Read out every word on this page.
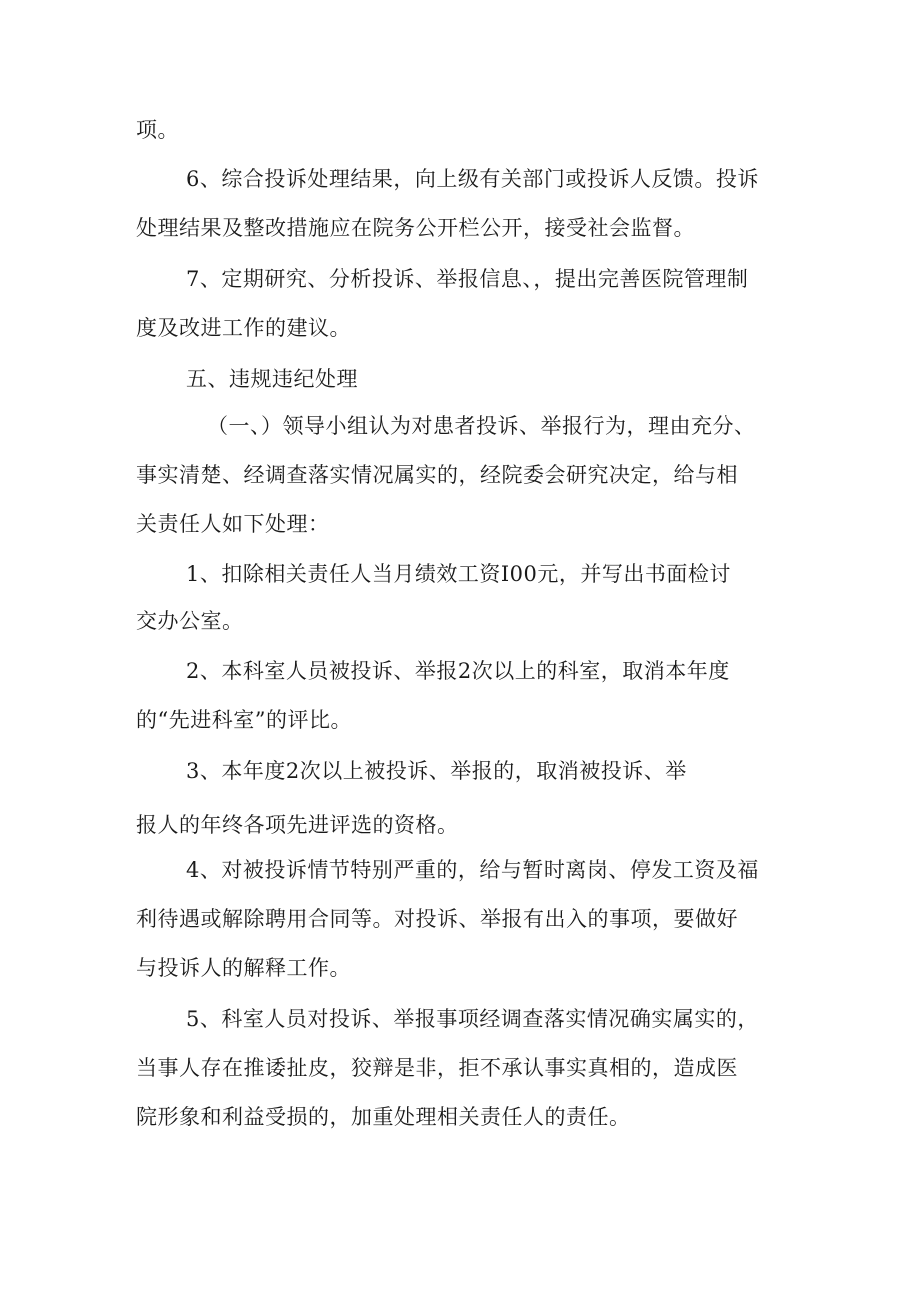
项。
6、综合投诉处理结果，向上级有关部门或投诉人反馈。投诉
处理结果及整改措施应在院务公开栏公开，接受社会监督。
7、定期研究、分析投诉、举报信息、，提出完善医院管理制
度及改进工作的建议。
五、违规违纪处理
（一、）领导小组认为对患者投诉、举报行为，理由充分、
事实清楚、经调查落实情况属实的，经院委会研究决定，给与相
关责任人如下处理：
1、扣除相关责任人当月绩效工资I00元，并写出书面检讨
交办公室。
2、本科室人员被投诉、举报2次以上的科室，取消本年度
的“先进科室”的评比。
3、本年度2次以上被投诉、举报的，取消被投诉、举
报人的年终各项先进评选的资格。
4、对被投诉情节特别严重的，给与暂时离岗、停发工资及福
利待遇或解除聘用合同等。对投诉、举报有出入的事项，要做好
与投诉人的解释工作。
5、科室人员对投诉、举报事项经调查落实情况确实属实的，
当事人存在推诿扯皮，狡辩是非，拒不承认事实真相的，造成医
院形象和利益受损的，加重处理相关责任人的责任。
